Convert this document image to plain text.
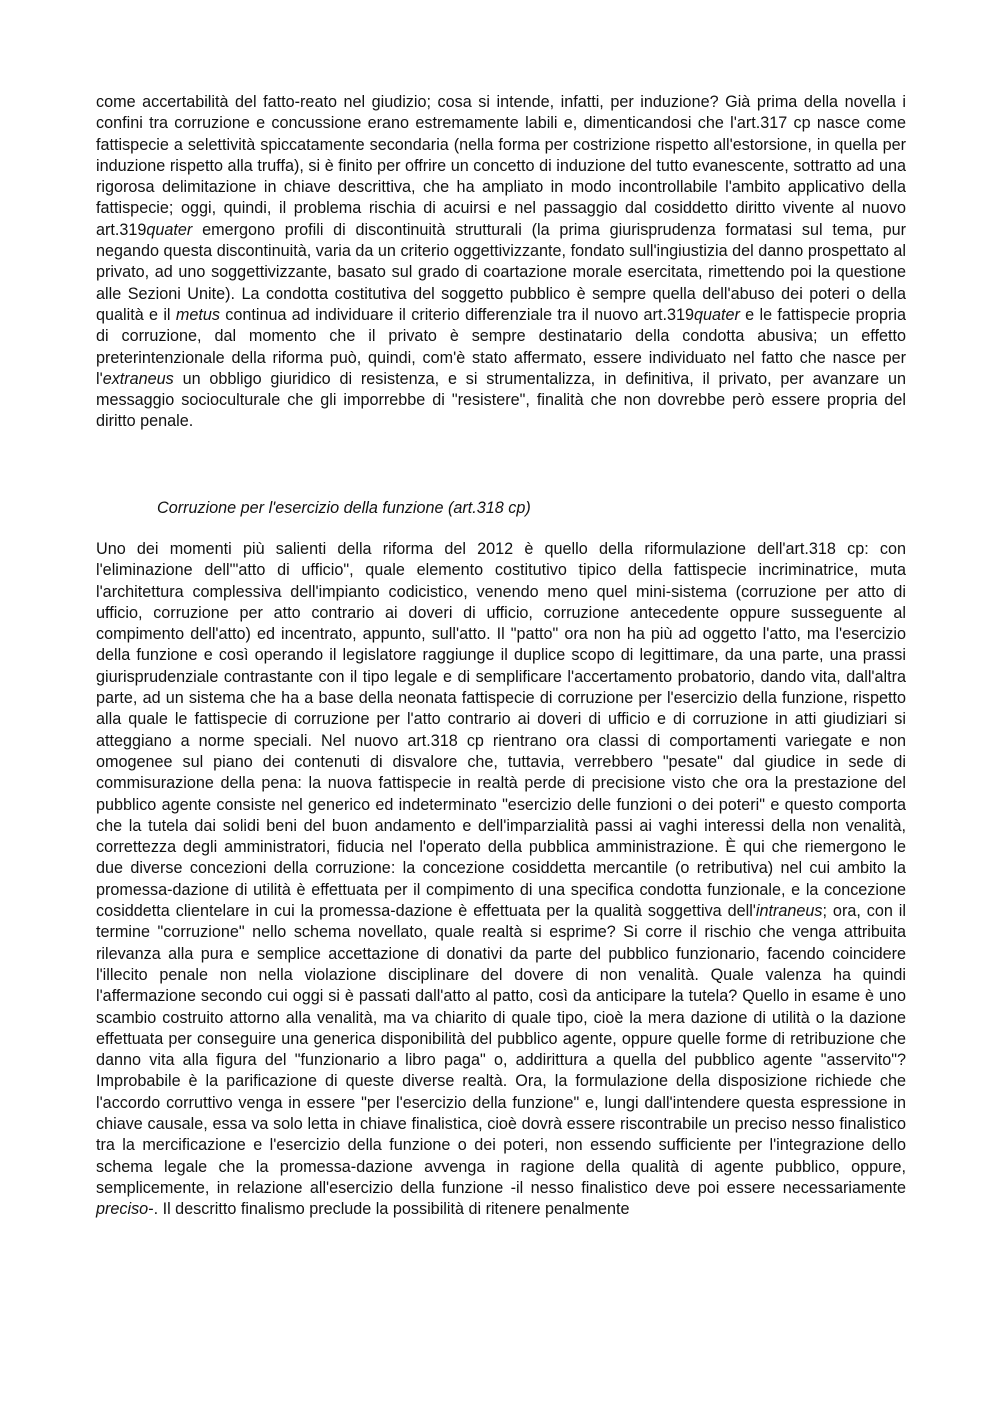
come accertabilità del fatto-reato nel giudizio; cosa si intende, infatti, per induzione? Già prima della novella i confini tra corruzione e concussione erano estremamente labili e, dimenticandosi che l'art.317 cp nasce come fattispecie a selettività spiccatamente secondaria (nella forma per costrizione rispetto all'estorsione, in quella per induzione rispetto alla truffa), si è finito per offrire un concetto di induzione del tutto evanescente, sottratto ad una rigorosa delimitazione in chiave descrittiva, che ha ampliato in modo incontrollabile l'ambito applicativo della fattispecie; oggi, quindi, il problema rischia di acuirsi e nel passaggio dal cosiddetto diritto vivente al nuovo art.319quater emergono profili di discontinuità strutturali (la prima giurisprudenza formatasi sul tema, pur negando questa discontinuità, varia da un criterio oggettivizzante, fondato sull'ingiustizia del danno prospettato al privato, ad uno soggettivizzante, basato sul grado di coartazione morale esercitata, rimettendo poi la questione alle Sezioni Unite). La condotta costitutiva del soggetto pubblico è sempre quella dell'abuso dei poteri o della qualità e il metus continua ad individuare il criterio differenziale tra il nuovo art.319quater e le fattispecie propria di corruzione, dal momento che il privato è sempre destinatario della condotta abusiva; un effetto preterintenzionale della riforma può, quindi, com'è stato affermato, essere individuato nel fatto che nasce per l'extraneus un obbligo giuridico di resistenza, e si strumentalizza, in definitiva, il privato, per avanzare un messaggio socioculturale che gli imporrebbe di "resistere", finalità che non dovrebbe però essere propria del diritto penale.

Corruzione per l'esercizio della funzione (art.318 cp)

Uno dei momenti più salienti della riforma del 2012 è quello della riformulazione dell'art.318 cp: con l'eliminazione dell'"atto di ufficio", quale elemento costitutivo tipico della fattispecie incriminatrice, muta l'architettura complessiva dell'impianto codicistico, venendo meno quel mini-sistema (corruzione per atto di ufficio, corruzione per atto contrario ai doveri di ufficio, corruzione antecedente oppure susseguente al compimento dell'atto) ed incentrato, appunto, sull'atto. Il "patto" ora non ha più ad oggetto l'atto, ma l'esercizio della funzione e così operando il legislatore raggiunge il duplice scopo di legittimare, da una parte, una prassi giurisprudenziale contrastante con il tipo legale e di semplificare l'accertamento probatorio, dando vita, dall'altra parte, ad un sistema che ha a base della neonata fattispecie di corruzione per l'esercizio della funzione, rispetto alla quale le fattispecie di corruzione per l'atto contrario ai doveri di ufficio e di corruzione in atti giudiziari si atteggiano a norme speciali. Nel nuovo art.318 cp rientrano ora classi di comportamenti variegate e non omogenee sul piano dei contenuti di disvalore che, tuttavia, verrebbero "pesate" dal giudice in sede di commisurazione della pena: la nuova fattispecie in realtà perde di precisione visto che ora la prestazione del pubblico agente consiste nel generico ed indeterminato "esercizio delle funzioni o dei poteri" e questo comporta che la tutela dai solidi beni del buon andamento e dell'imparzialità passi ai vaghi interessi della non venalità, correttezza degli amministratori, fiducia nel l'operato della pubblica amministrazione. È qui che riemergono le due diverse concezioni della corruzione: la concezione cosiddetta mercantile (o retributiva) nel cui ambito la promessa-dazione di utilità è effettuata per il compimento di una specifica condotta funzionale, e la concezione cosiddetta clientelare in cui la promessa-dazione è effettuata per la qualità soggettiva dell'intraneus; ora, con il termine "corruzione" nello schema novellato, quale realtà si esprime? Si corre il rischio che venga attribuita rilevanza alla pura e semplice accettazione di donativi da parte del pubblico funzionario, facendo coincidere l'illecito penale non nella violazione disciplinare del dovere di non venalità. Quale valenza ha quindi l'affermazione secondo cui oggi si è passati dall'atto al patto, così da anticipare la tutela? Quello in esame è uno scambio costruito attorno alla venalità, ma va chiarito di quale tipo, cioè la mera dazione di utilità o la dazione effettuata per conseguire una generica disponibilità del pubblico agente, oppure quelle forme di retribuzione che danno vita alla figura del "funzionario a libro paga" o, addirittura a quella del pubblico agente "asservito"? Improbabile è la parificazione di queste diverse realtà. Ora, la formulazione della disposizione richiede che l'accordo corruttivo venga in essere "per l'esercizio della funzione" e, lungi dall'intendere questa espressione in chiave causale, essa va solo letta in chiave finalistica, cioè dovrà essere riscontrabile un preciso nesso finalistico tra la mercificazione e l'esercizio della funzione o dei poteri, non essendo sufficiente per l'integrazione dello schema legale che la promessa-dazione avvenga in ragione della qualità di agente pubblico, oppure, semplicemente, in relazione all'esercizio della funzione -il nesso finalistico deve poi essere necessariamente preciso-. Il descritto finalismo preclude la possibilità di ritenere penalmente
